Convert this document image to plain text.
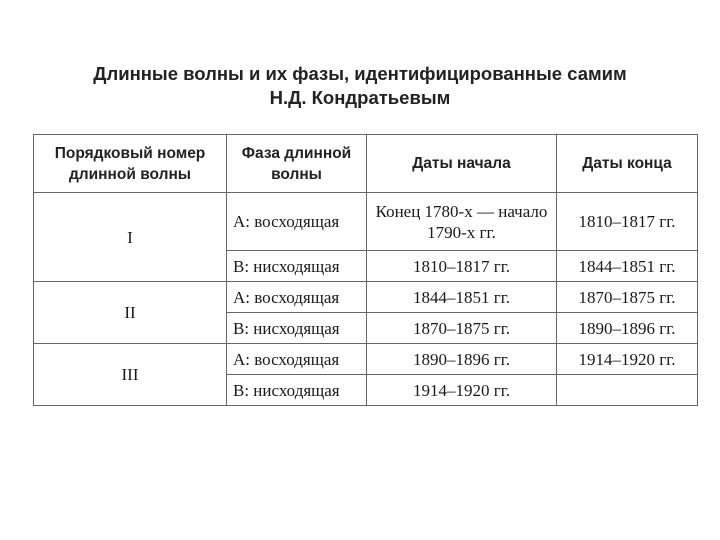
Длинные волны и их фазы, идентифицированные самим
Н.Д. Кондратьевым
Порядковый номер длинной волны	Фаза длинной волны	Даты начала	Даты конца
I	А: восходящая	Конец 1780-х — начало 1790-х гг.	1810–1817 гг.
	В: нисходящая	1810–1817 гг.	1844–1851 гг.
II	А: восходящая	1844–1851 гг.	1870–1875 гг.
	В: нисходящая	1870–1875 гг.	1890–1896 гг.
III	А: восходящая	1890–1896 гг.	1914–1920 гг.
	В: нисходящая	1914–1920 гг.	
